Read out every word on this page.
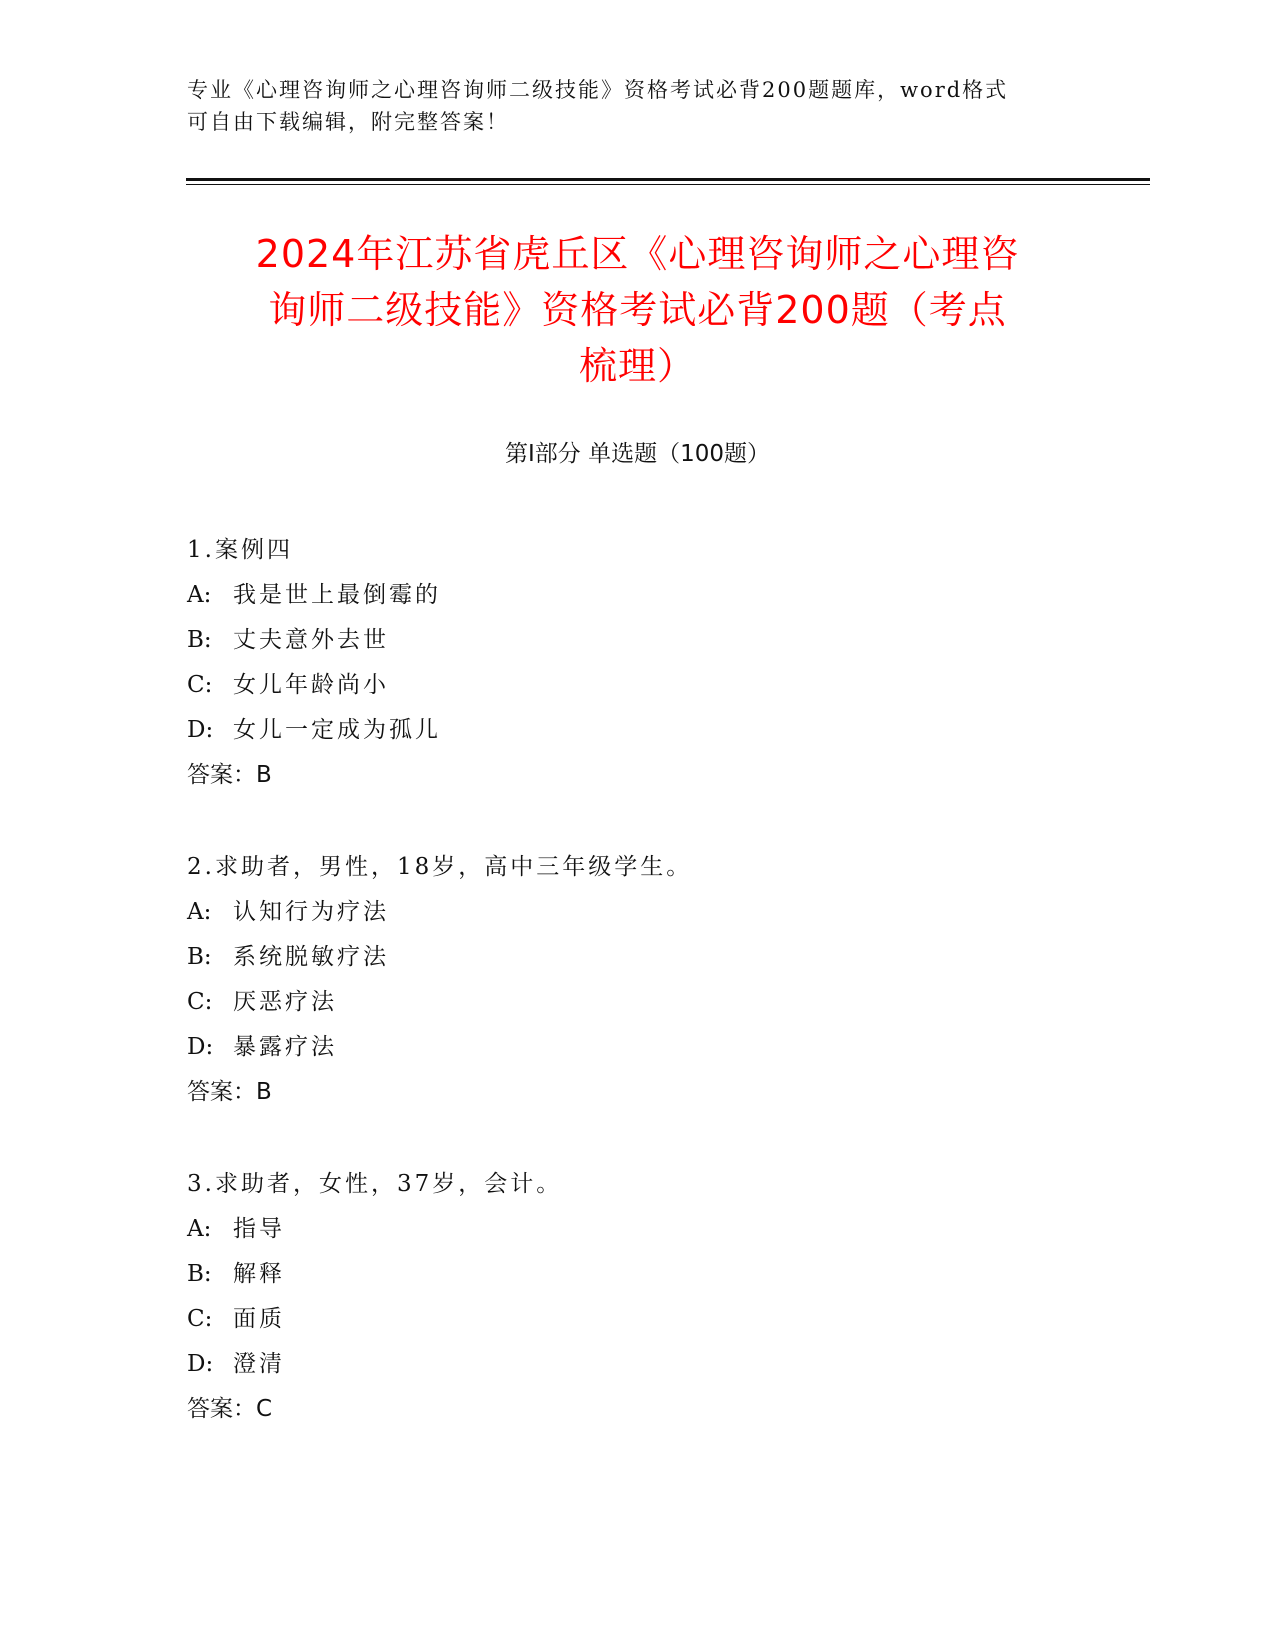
专业《心理咨询师之心理咨询师二级技能》资格考试必背200题题库，word格式
可自由下载编辑，附完整答案！
2024年江苏省虎丘区《心理咨询师之心理咨
询师二级技能》资格考试必背200题（考点
梳理）
第Ⅰ部分 单选题（100题）
1.案例四
A: 我是世上最倒霉的
B: 丈夫意外去世
C: 女儿年龄尚小
D: 女儿一定成为孤儿
答案：B
2.求助者，男性，18岁，高中三年级学生。
A: 认知行为疗法
B: 系统脱敏疗法
C: 厌恶疗法
D: 暴露疗法
答案：B
3.求助者，女性，37岁，会计。
A: 指导
B: 解释
C: 面质
D: 澄清
答案：C
